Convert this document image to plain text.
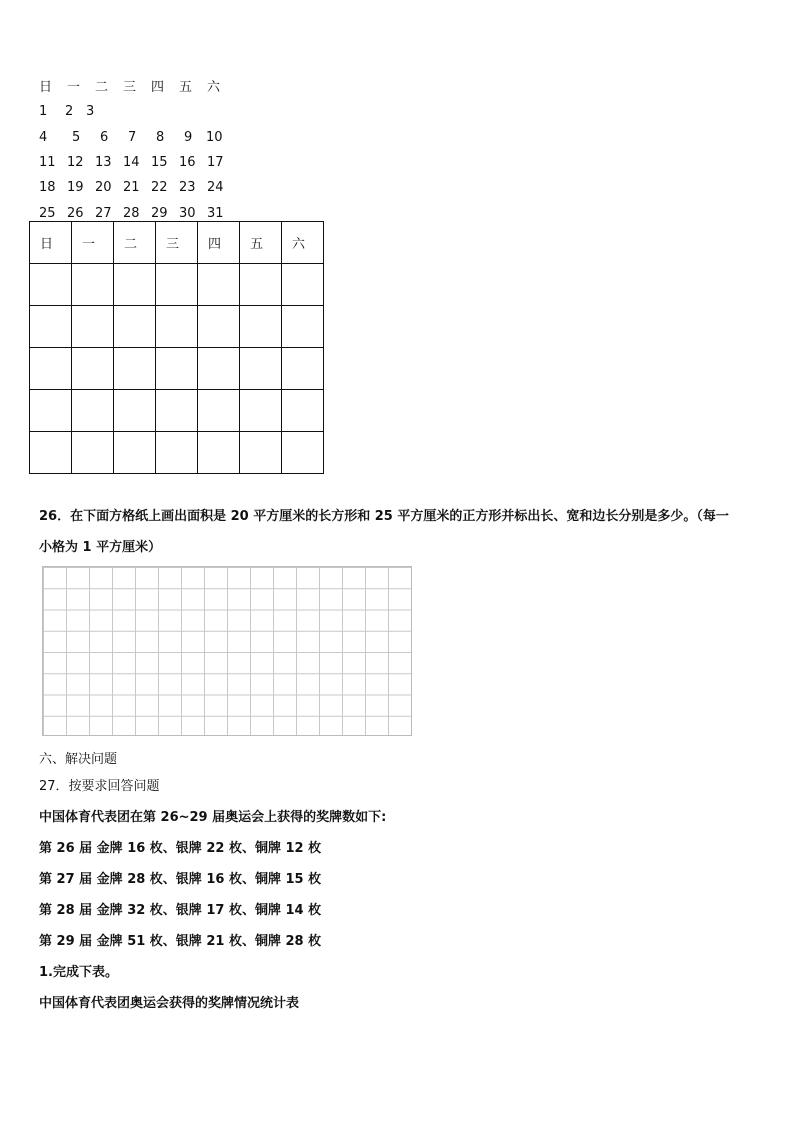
日 一 二 三 四 五 六
1 2 3
4 5 6 7 8 9 10
11 12 13 14 15 16 17
18 19 20 21 22 23 24
25 26 27 28 29 30 31
日	一	二	三	四	五	六

26．在下面方格纸上画出面积是 20 平方厘米的长方形和 25 平方厘米的正方形并标出长、宽和边长分别是多少。（每一
小格为 1 平方厘米）
六、解决问题
27．按要求回答问题
中国体育代表团在第 26~29 届奥运会上获得的奖牌数如下:
第 26 届 金牌 16 枚、银牌 22 枚、铜牌 12 枚
第 27 届 金牌 28 枚、银牌 16 枚、铜牌 15 枚
第 28 届 金牌 32 枚、银牌 17 枚、铜牌 14 枚
第 29 届 金牌 51 枚、银牌 21 枚、铜牌 28 枚
1.完成下表。
中国体育代表团奥运会获得的奖牌情况统计表
